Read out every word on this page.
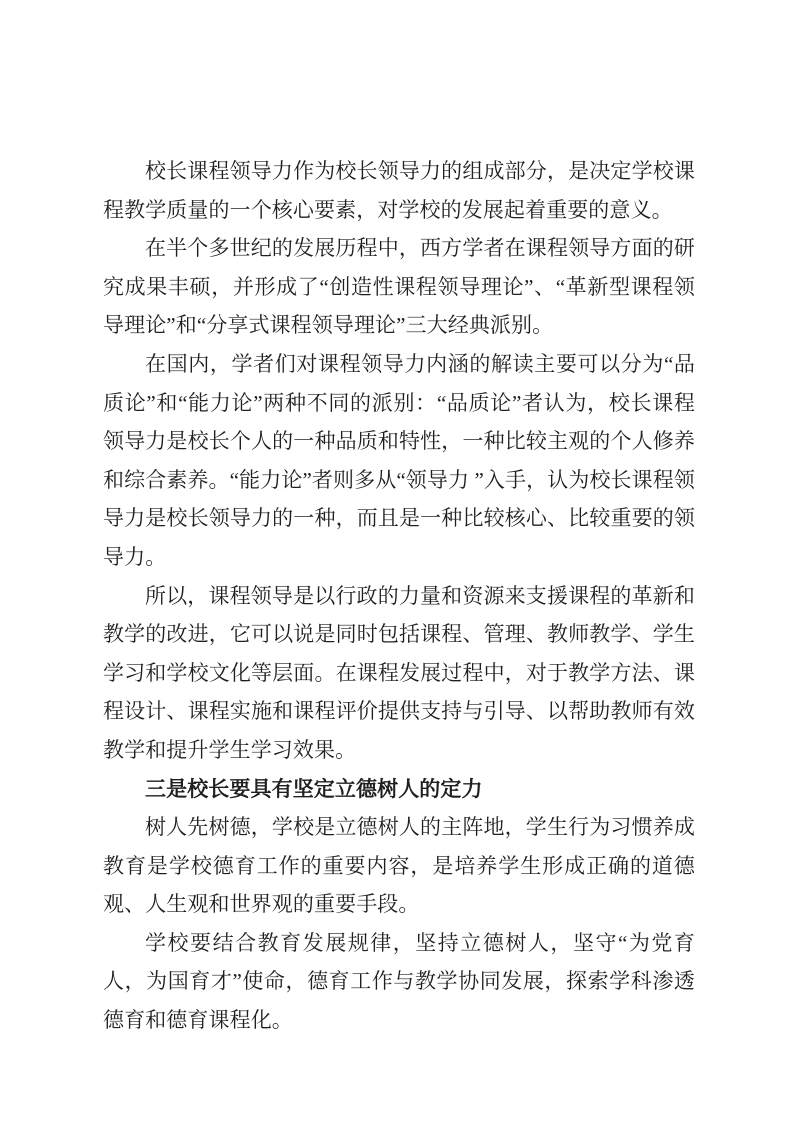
校长课程领导力作为校长领导力的组成部分，是决定学校课程教学质量的一个核心要素，对学校的发展起着重要的意义。
在半个多世纪的发展历程中，西方学者在课程领导方面的研究成果丰硕，并形成了“创造性课程领导理论”、“革新型课程领导理论”和“分享式课程领导理论”三大经典派别。
在国内，学者们对课程领导力内涵的解读主要可以分为“品质论”和“能力论”两种不同的派别：“品质论”者认为，校长课程领导力是校长个人的一种品质和特性，一种比较主观的个人修养和综合素养。“能力论”者则多从“领导力 ”入手，认为校长课程领导力是校长领导力的一种，而且是一种比较核心、比较重要的领导力。
所以，课程领导是以行政的力量和资源来支援课程的革新和教学的改进，它可以说是同时包括课程、管理、教师教学、学生学习和学校文化等层面。在课程发展过程中，对于教学方法、课程设计、课程实施和课程评价提供支持与引导、以帮助教师有效教学和提升学生学习效果。
三是校长要具有坚定立德树人的定力
树人先树德，学校是立德树人的主阵地，学生行为习惯养成教育是学校德育工作的重要内容，是培养学生形成正确的道德观、人生观和世界观的重要手段。
学校要结合教育发展规律，坚持立德树人，坚守“为党育人，为国育才”使命，德育工作与教学协同发展，探索学科渗透德育和德育课程化。
